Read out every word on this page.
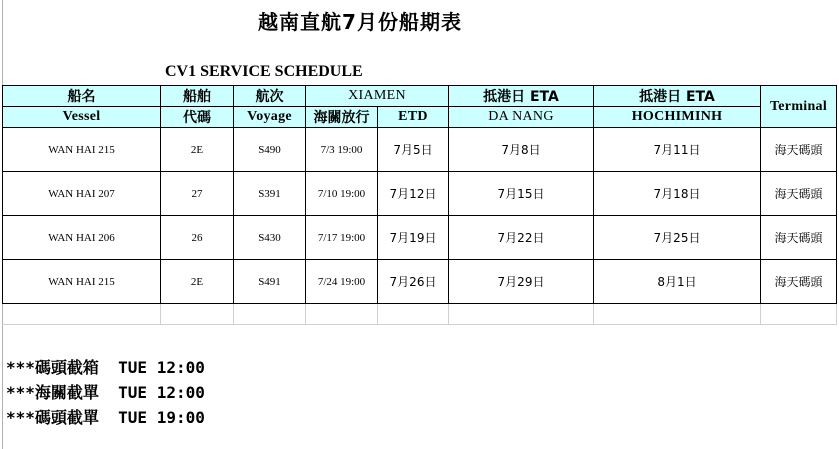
越南直航7月份船期表
CV1 SERVICE SCHEDULE
船名	船舶	航次	XIAMEN		抵港日 ETA	抵港日 ETA	Terminal
Vessel	代碼	Voyage	海關放行	ETD	DA NANG	HOCHIMINH	
WAN HAI 215	2E	S490	7/3 19:00	7月5日	7月8日	7月11日	海天碼頭
WAN HAI 207	27	S391	7/10 19:00	7月12日	7月15日	7月18日	海天碼頭
WAN HAI 206	26	S430	7/17 19:00	7月19日	7月22日	7月25日	海天碼頭
WAN HAI 215	2E	S491	7/24 19:00	7月26日	7月29日	8月1日	海天碼頭

***碼頭截箱  TUE 12:00
***海關截單  TUE 12:00
***碼頭截單  TUE 19:00
